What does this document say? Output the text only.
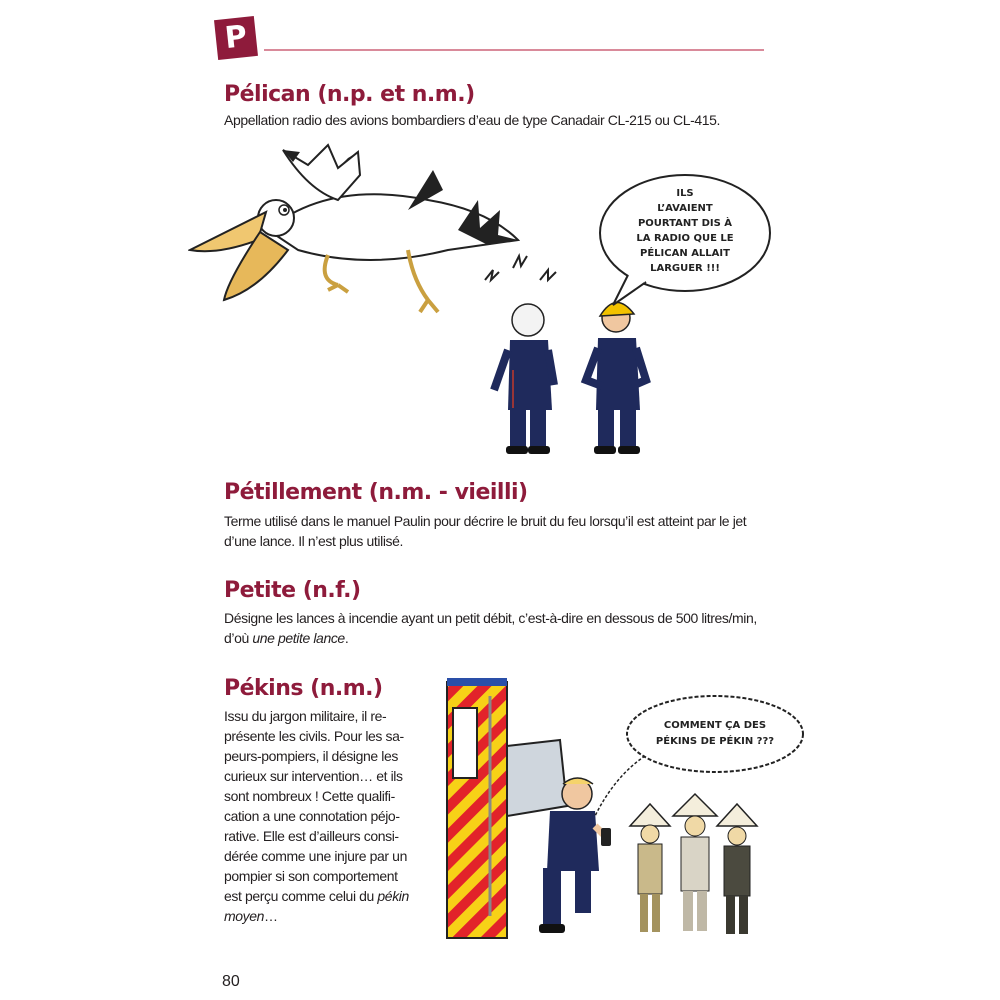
P
Pélican (n.p. et n.m.)

Appellation radio des avions bombardiers d’eau de type Canadair CL-215 ou CL-415.

ILS
L’AVAIENT
POURTANT DIS À
LA RADIO QUE LE
PÉLICAN ALLAIT
LARGUER !!!
Pétillement (n.m. - vieilli)

Terme utilisé dans le manuel Paulin pour décrire le bruit du feu lorsqu’il est atteint par le jet
d’une lance. Il n’est plus utilisé.

Petite (n.f.)

Désigne les lances à incendie ayant un petit débit, c’est-à-dire en dessous de 500 litres/min,
d’où une petite lance.

Pékins (n.m.)

Issu du jargon militaire, il re-
présente les civils. Pour les sa-
peurs-pompiers, il désigne les
curieux sur intervention… et ils
sont nombreux ! Cette qualifi-
cation a une connotation péjo-
rative. Elle est d’ailleurs consi-
dérée comme une injure par un
pompier si son comportement
est perçu comme celui du pékin
moyen…

COMMENT ÇA DES
PÉKINS DE PÉKIN ???
80
